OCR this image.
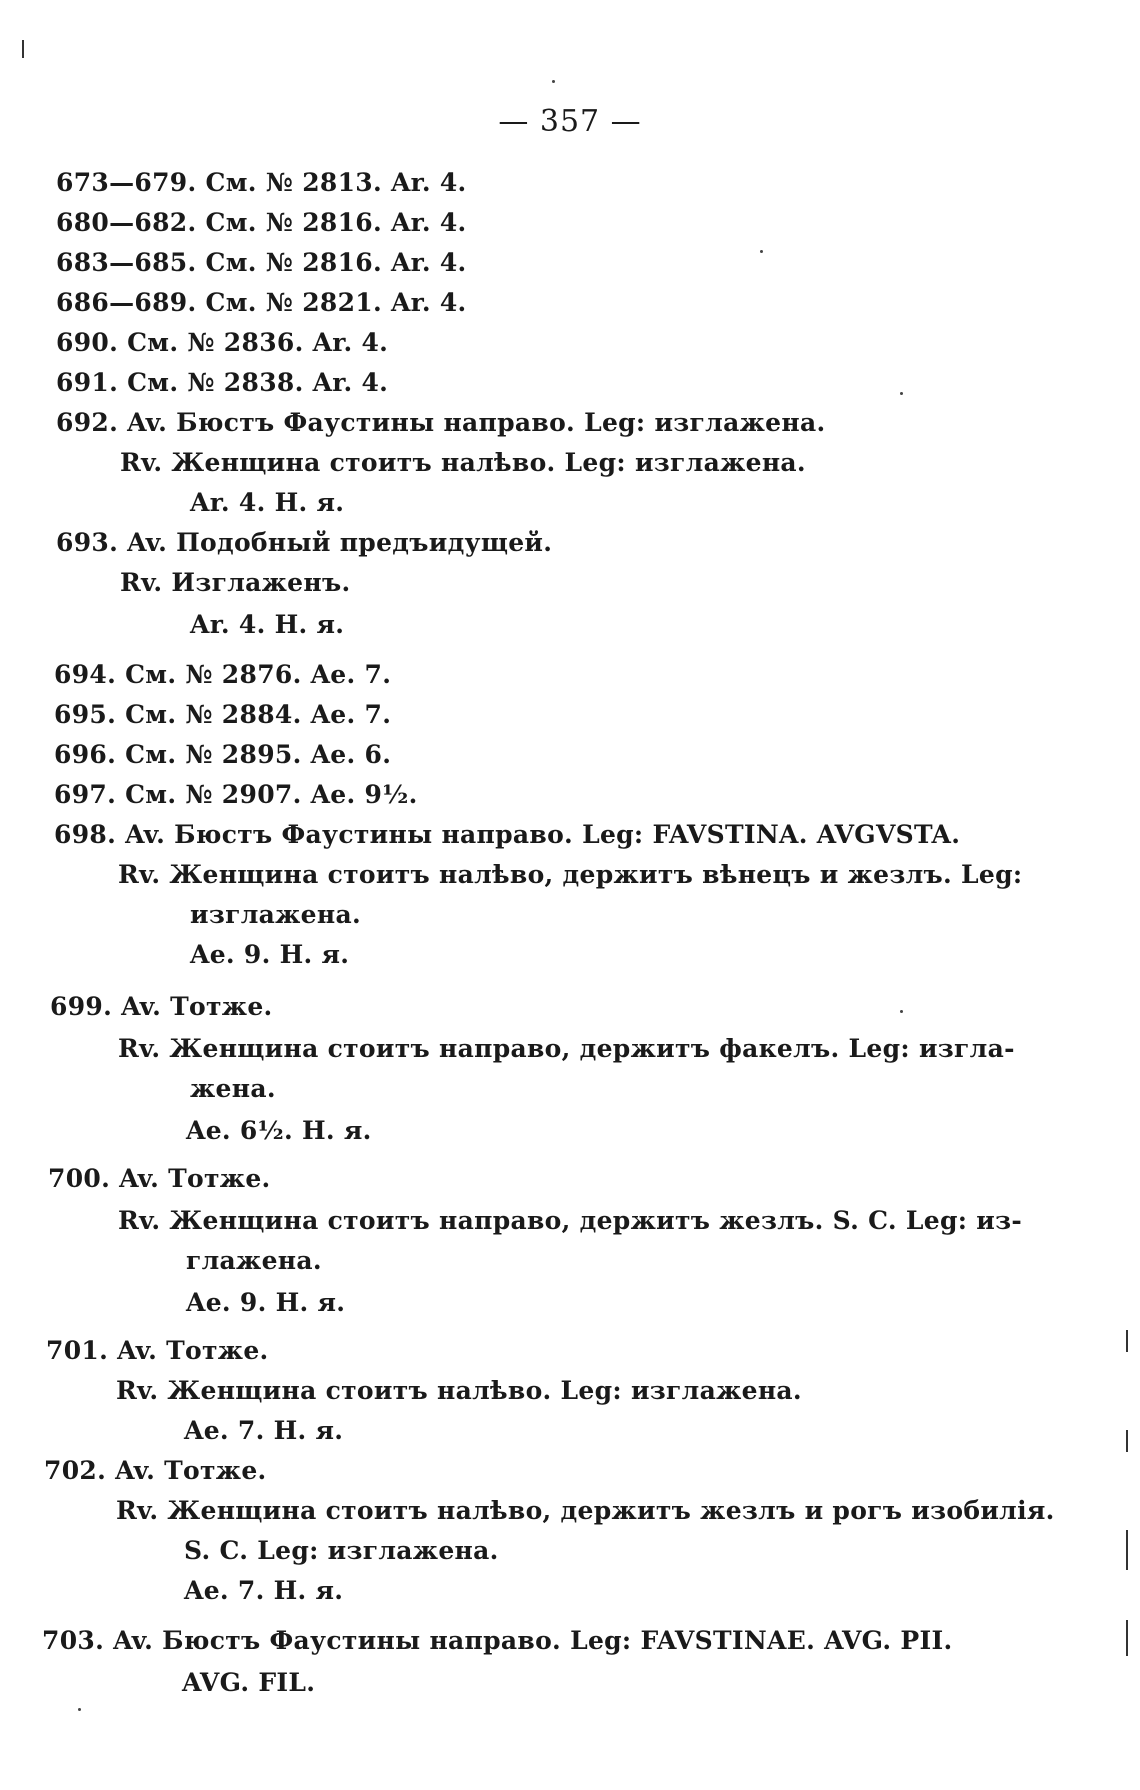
— 357 —
673—679. См. № 2813. Ar. 4.
680—682. См. № 2816. Ar. 4.
683—685. См. № 2816. Ar. 4.
686—689. См. № 2821. Ar. 4.
690. См. № 2836. Ar. 4.
691. См. № 2838. Ar. 4.
692. Av. Бюстъ Фаустины направо. Leg: изглажена.
Rv. Женщина стоитъ налѣво. Leg: изглажена.
Ar. 4. Н. я.
693. Av. Подобный предъидущей.
Rv. Изглаженъ.
Ar. 4. Н. я.
694. См. № 2876. Ae. 7.
695. См. № 2884. Ae. 7.
696. См. № 2895. Ae. 6.
697. См. № 2907. Ae. 9½.
698. Av. Бюстъ Фаустины направо. Leg: FAVSTINA. AVGVSTA.
Rv. Женщина стоитъ налѣво, держитъ вѣнецъ и жезлъ. Leg:
изглажена.
Ae. 9. Н. я.
699. Av. Тотже.
Rv. Женщина стоитъ направо, держитъ факелъ. Leg: изгла-
жена.
Ae. 6½. Н. я.
700. Av. Тотже.
Rv. Женщина стоитъ направо, держитъ жезлъ. S. C. Leg: из-
глажена.
Ae. 9. Н. я.
701. Av. Тотже.
Rv. Женщина стоитъ налѣво. Leg: изглажена.
Ae. 7. Н. я.
702. Av. Тотже.
Rv. Женщина стоитъ налѣво, держитъ жезлъ и рогъ изобилія.
S. C. Leg: изглажена.
Ae. 7. Н. я.
703. Av. Бюстъ Фаустины направо. Leg: FAVSTINAE. AVG. PII.
AVG. FIL.
